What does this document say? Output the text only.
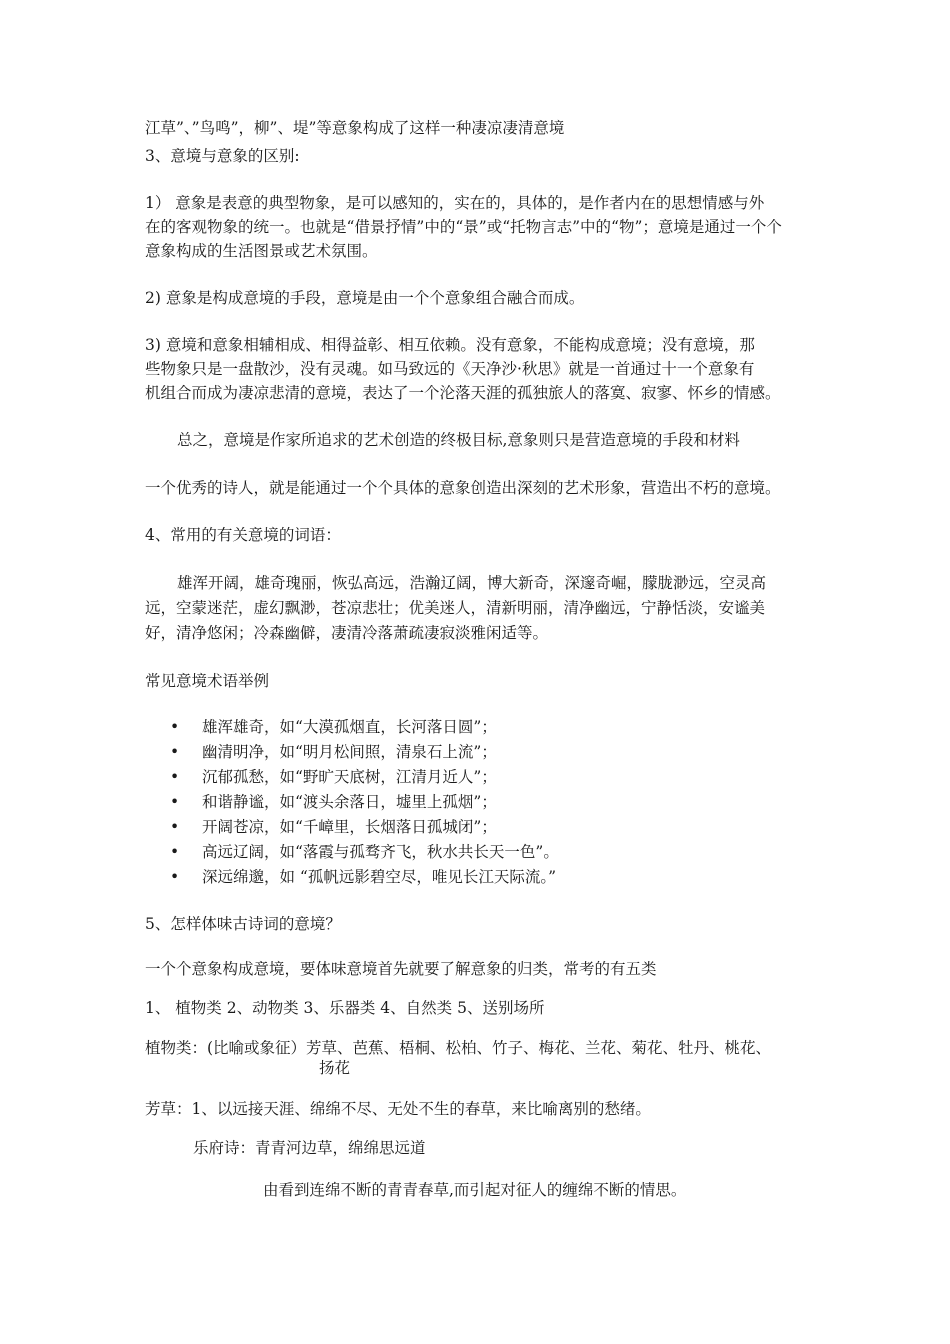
江草”、”鸟鸣”，柳”、堤”等意象构成了这样一种凄凉凄清意境
3、意境与意象的区别:
1） 意象是表意的典型物象，是可以感知的，实在的，具体的，是作者内在的思想情感与外
在的客观物象的统一。也就是“借景抒情”中的“景”或“托物言志”中的“物”；意境是通过一个个
意象构成的生活图景或艺术氛围。
2) 意象是构成意境的手段，意境是由一个个意象组合融合而成。
3) 意境和意象相辅相成、相得益彰、相互依赖。没有意象，不能构成意境；没有意境，那
些物象只是一盘散沙，没有灵魂。如马致远的《天净沙·秋思》就是一首通过十一个意象有
机组合而成为凄凉悲清的意境，表达了一个沦落天涯的孤独旅人的落寞、寂寥、怀乡的情感。
总之，意境是作家所追求的艺术创造的终极目标,意象则只是营造意境的手段和材料
一个优秀的诗人，就是能通过一个个具体的意象创造出深刻的艺术形象，营造出不朽的意境。
4、常用的有关意境的词语：
雄浑开阔，雄奇瑰丽，恢弘高远，浩瀚辽阔，博大新奇，深邃奇崛，朦胧渺远，空灵高
远，空蒙迷茫，虚幻飘渺，苍凉悲壮；优美迷人，清新明丽，清净幽远，宁静恬淡，安谧美
好，清净悠闲；冷森幽僻，凄清冷落萧疏凄寂淡雅闲适等。
常见意境术语举例
• 雄浑雄奇，如“大漠孤烟直，长河落日圆”；
• 幽清明净，如“明月松间照，清泉石上流”；
• 沉郁孤愁，如“野旷天底树，江清月近人”；
• 和谐静谧，如“渡头余落日，墟里上孤烟”；
• 开阔苍凉，如“千嶂里，长烟落日孤城闭”；
• 高远辽阔，如“落霞与孤骛齐飞，秋水共长天一色”。
• 深远绵邈，如 “孤帆远影碧空尽，唯见长江天际流。”
5、怎样体味古诗词的意境？
一个个意象构成意境，要体味意境首先就要了解意象的归类，常考的有五类
1、 植物类 2、动物类 3、乐器类 4、自然类 5、送别场所
植物类：(比喻或象征）芳草、芭蕉、梧桐、松柏、竹子、梅花、兰花、菊花、牡丹、桃花、
扬花
芳草：1、以远接天涯、绵绵不尽、无处不生的春草，来比喻离别的愁绪。
乐府诗：青青河边草，绵绵思远道
由看到连绵不断的青青春草,而引起对征人的缠绵不断的情思。
